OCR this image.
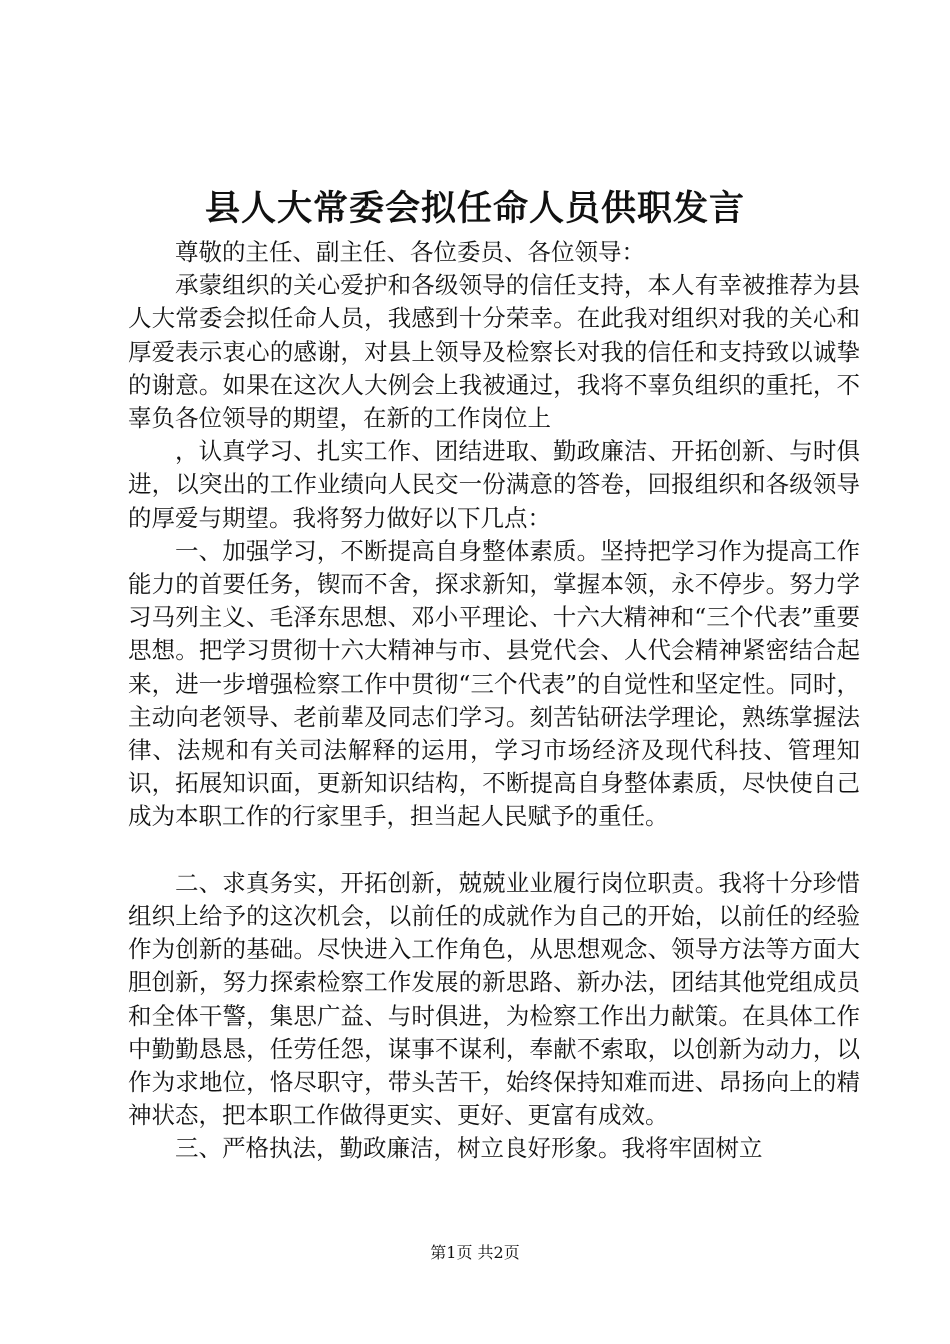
县人大常委会拟任命人员供职发言

尊敬的主任、副主任、各位委员、各位领导：

承蒙组织的关心爱护和各级领导的信任支持，本人有幸被推荐为县人大常委会拟任命人员，我感到十分荣幸。在此我对组织对我的关心和厚爱表示衷心的感谢，对县上领导及检察长对我的信任和支持致以诚挚的谢意。如果在这次人大例会上我被通过，我将不辜负组织的重托，不辜负各位领导的期望，在新的工作岗位上

，认真学习、扎实工作、团结进取、勤政廉洁、开拓创新、与时俱进，以突出的工作业绩向人民交一份满意的答卷，回报组织和各级领导的厚爱与期望。我将努力做好以下几点：

一、加强学习，不断提高自身整体素质。坚持把学习作为提高工作能力的首要任务，锲而不舍，探求新知，掌握本领，永不停步。努力学习马列主义、毛泽东思想、邓小平理论、十六大精神和“三个代表”重要思想。把学习贯彻十六大精神与市、县党代会、人代会精神紧密结合起来，进一步增强检察工作中贯彻“三个代表”的自觉性和坚定性。同时，主动向老领导、老前辈及同志们学习。刻苦钻研法学理论，熟练掌握法律、法规和有关司法解释的运用，学习市场经济及现代科技、管理知识，拓展知识面，更新知识结构，不断提高自身整体素质，尽快使自己成为本职工作的行家里手，担当起人民赋予的重任。

二、求真务实，开拓创新，兢兢业业履行岗位职责。我将十分珍惜组织上给予的这次机会，以前任的成就作为自己的开始，以前任的经验作为创新的基础。尽快进入工作角色，从思想观念、领导方法等方面大胆创新，努力探索检察工作发展的新思路、新办法，团结其他党组成员和全体干警，集思广益、与时俱进，为检察工作出力献策。在具体工作中勤勤恳恳，任劳任怨，谋事不谋利，奉献不索取，以创新为动力，以作为求地位，恪尽职守，带头苦干，始终保持知难而进、昂扬向上的精神状态，把本职工作做得更实、更好、更富有成效。

三、严格执法，勤政廉洁，树立良好形象。我将牢固树立

第1页 共2页
